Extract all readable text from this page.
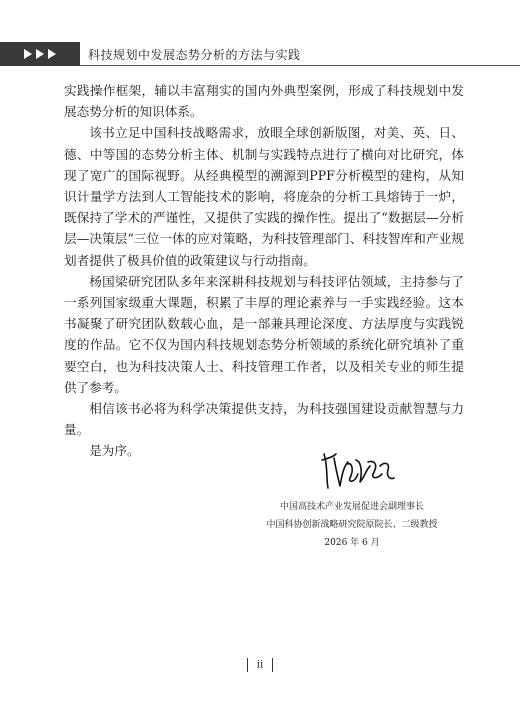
科技规划中发展态势分析的方法与实践

实践操作框架，辅以丰富翔实的国内外典型案例，形成了科技规划中发展态势分析的知识体系。

该书立足中国科技战略需求，放眼全球创新版图，对美、英、日、德、中等国的态势分析主体、机制与实践特点进行了横向对比研究，体现了宽广的国际视野。从经典模型的溯源到PPF分析模型的建构，从知识计量学方法到人工智能技术的影响，将庞杂的分析工具熔铸于一炉，既保持了学术的严谨性，又提供了实践的操作性。提出了“数据层—分析层—决策层”三位一体的应对策略，为科技管理部门、科技智库和产业规划者提供了极具价值的政策建议与行动指南。

杨国梁研究团队多年来深耕科技规划与科技评估领域，主持参与了一系列国家级重大课题，积累了丰厚的理论素养与一手实践经验。这本书凝聚了研究团队数载心血，是一部兼具理论深度、方法厚度与实践锐度的作品。它不仅为国内科技规划态势分析领域的系统化研究填补了重要空白，也为科技决策人士、科技管理工作者，以及相关专业的师生提供了参考。

相信该书必将为科学决策提供支持，为科技强国建设贡献智慧与力量。

是为序。

中国高技术产业发展促进会副理事长
中国科协创新战略研究院原院长、二级教授
2026 年 6 月
ii
